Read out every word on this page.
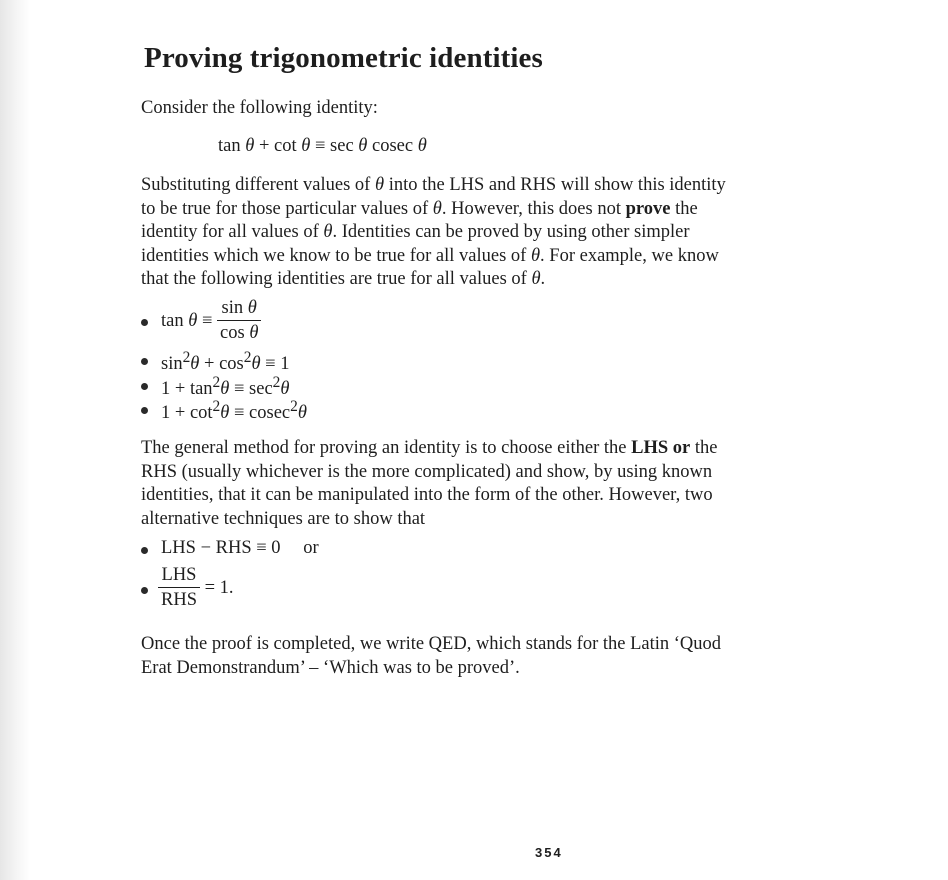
Proving trigonometric identities

Consider the following identity:

tan θ + cot θ ≡ sec θ cosec θ

Substituting different values of θ into the LHS and RHS will show this identity
to be true for those particular values of θ. However, this does not prove the
identity for all values of θ. Identities can be proved by using other simpler
identities which we know to be true for all values of θ. For example, we know
that the following identities are true for all values of θ.

$\tan \theta \equiv \frac{\text{sin θ}}{\text{cos θ}}$
$\sin^2\theta + \cos^2\theta \equiv 1$
$1 + \tan^2\theta \equiv \sec^2\theta$
$1 + \cot^2\theta \equiv cosec^2\theta$

The general method for proving an identity is to choose either the LHS or the
RHS (usually whichever is the more complicated) and show, by using known
identities, that it can be manipulated into the form of the other. However, two
alternative techniques are to show that

LHS − RHS ≡ 0 or
$\frac{\text{LHS}}{\text{RHS}} = 1$.

Once the proof is completed, we write QED, which stands for the Latin ‘Quod
Erat Demonstrandum’ – ‘Which was to be proved’.

354
